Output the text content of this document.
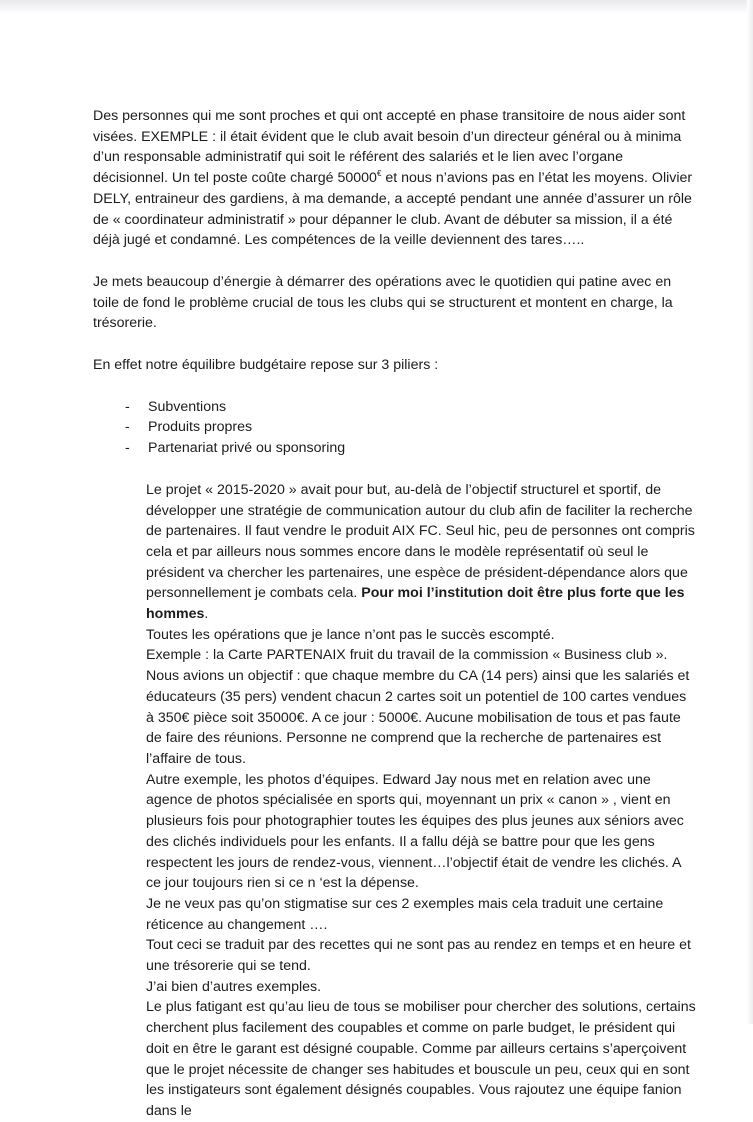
Des personnes qui me sont proches et qui ont accepté en phase transitoire de nous aider sont visées. EXEMPLE : il était évident que le club avait besoin d’un directeur général ou à minima d’un responsable administratif qui soit le référent des salariés et le lien avec l’organe décisionnel. Un tel poste coûte chargé 50000€ et nous n’avions pas en l’état les moyens. Olivier DELY, entraineur des gardiens, à ma demande, a accepté pendant une année d’assurer un rôle de « coordinateur administratif » pour dépanner le club. Avant de débuter sa mission, il a été déjà jugé et condamné. Les compétences de la veille deviennent des tares…..

Je mets beaucoup d’énergie à démarrer des opérations avec le quotidien qui patine avec en toile de fond le problème crucial de tous les clubs qui se structurent et montent en charge, la trésorerie.

En effet notre équilibre budgétaire repose sur 3 piliers :

- Subventions
- Produits propres
- Partenariat privé ou sponsoring

Le projet « 2015-2020 » avait pour but, au-delà de l’objectif structurel et sportif, de développer une stratégie de communication autour du club afin de faciliter la recherche de partenaires. Il faut vendre le produit AIX FC. Seul hic, peu de personnes ont compris cela et par ailleurs nous sommes encore dans le modèle représentatif où seul le président va chercher les partenaires, une espèce de président-dépendance alors que personnellement je combats cela. Pour moi l’institution doit être plus forte que les hommes.

Toutes les opérations que je lance n’ont pas le succès escompté.

Exemple : la Carte PARTENAIX fruit du travail de la commission « Business club ». Nous avions un objectif : que chaque membre du CA (14 pers) ainsi que les salariés et éducateurs (35 pers) vendent chacun 2 cartes soit un potentiel de 100 cartes vendues à 350€ pièce soit 35000€. A ce jour : 5000€. Aucune mobilisation de tous et pas faute de faire des réunions. Personne ne comprend que la recherche de partenaires est l’affaire de tous.

Autre exemple, les photos d’équipes. Edward Jay nous met en relation avec une agence de photos spécialisée en sports qui, moyennant un prix « canon » , vient en plusieurs fois pour photographier toutes les équipes des plus jeunes aux séniors avec des clichés individuels pour les enfants. Il a fallu déjà se battre pour que les gens respectent les jours de rendez-vous, viennent…l’objectif était de vendre les clichés. A ce jour toujours rien si ce n ‘est la dépense.

Je ne veux pas qu’on stigmatise sur ces 2 exemples mais cela traduit une certaine réticence au changement ….

Tout ceci se traduit par des recettes qui ne sont pas au rendez en temps et en heure et une trésorerie qui se tend.

J’ai bien d’autres exemples.

Le plus fatigant est qu’au lieu de tous se mobiliser pour chercher des solutions, certains cherchent plus facilement des coupables et comme on parle budget, le président qui doit en être le garant est désigné coupable. Comme par ailleurs certains s’aperçoivent que le projet nécessite de changer ses habitudes et bouscule un peu, ceux qui en sont les instigateurs sont également désignés coupables. Vous rajoutez une équipe fanion dans le
